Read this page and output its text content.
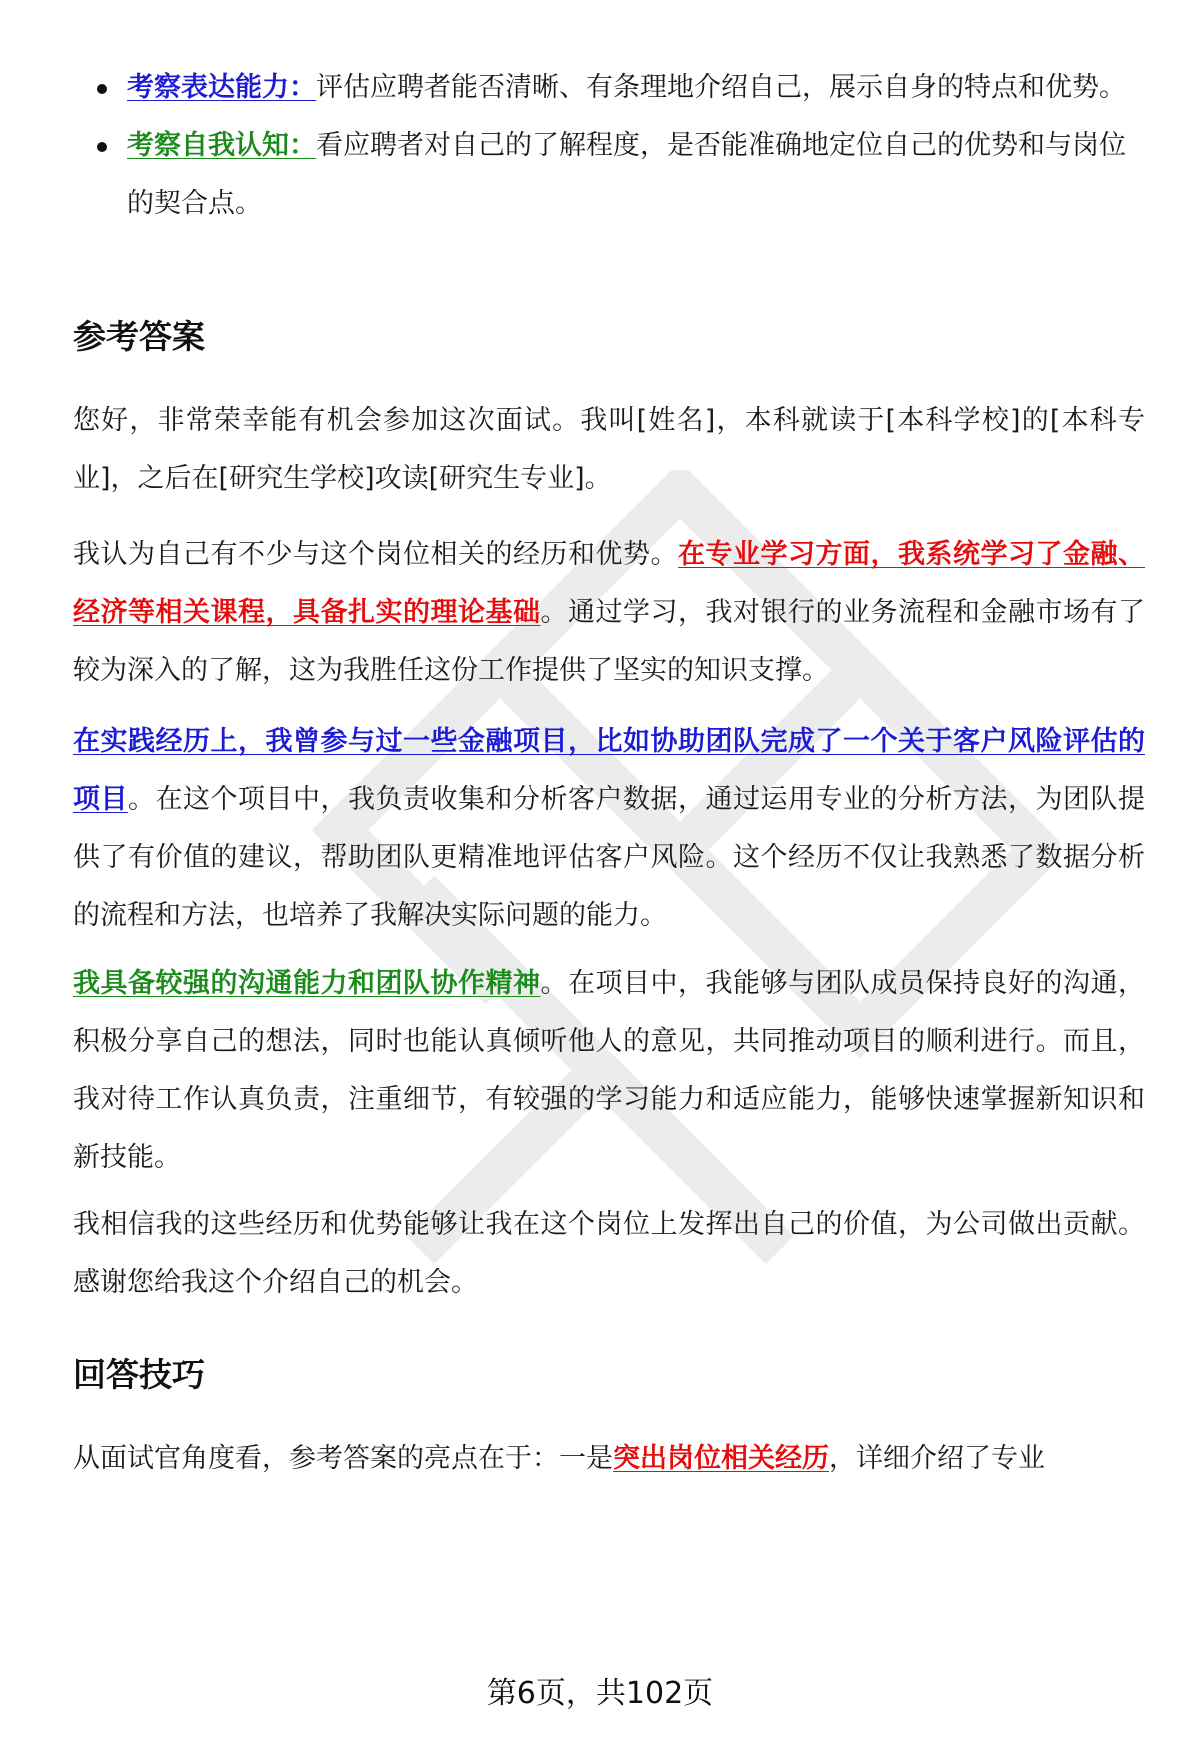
考察表达能力：评估应聘者能否清晰、有条理地介绍自己，展示自身的特点和优势。
考察自我认知：看应聘者对自己的了解程度，是否能准确地定位自己的优势和与岗位的契合点。
参考答案

您好，非常荣幸能有机会参加这次面试。我叫[姓名]，本科就读于[本科学校]的[本科专业]，之后在[研究生学校]攻读[研究生专业]。

我认为自己有不少与这个岗位相关的经历和优势。在专业学习方面，我系统学习了金融、经济等相关课程，具备扎实的理论基础。通过学习，我对银行的业务流程和金融市场有了较为深入的了解，这为我胜任这份工作提供了坚实的知识支撑。

在实践经历上，我曾参与过一些金融项目，比如协助团队完成了一个关于客户风险评估的项目。在这个项目中，我负责收集和分析客户数据，通过运用专业的分析方法，为团队提供了有价值的建议，帮助团队更精准地评估客户风险。这个经历不仅让我熟悉了数据分析的流程和方法，也培养了我解决实际问题的能力。

我具备较强的沟通能力和团队协作精神。在项目中，我能够与团队成员保持良好的沟通，积极分享自己的想法，同时也能认真倾听他人的意见，共同推动项目的顺利进行。而且，我对待工作认真负责，注重细节，有较强的学习能力和适应能力，能够快速掌握新知识和新技能。

我相信我的这些经历和优势能够让我在这个岗位上发挥出自己的价值，为公司做出贡献。感谢您给我这个介绍自己的机会。

回答技巧

从面试官角度看，参考答案的亮点在于：一是突出岗位相关经历，详细介绍了专业

第6页，共102页
